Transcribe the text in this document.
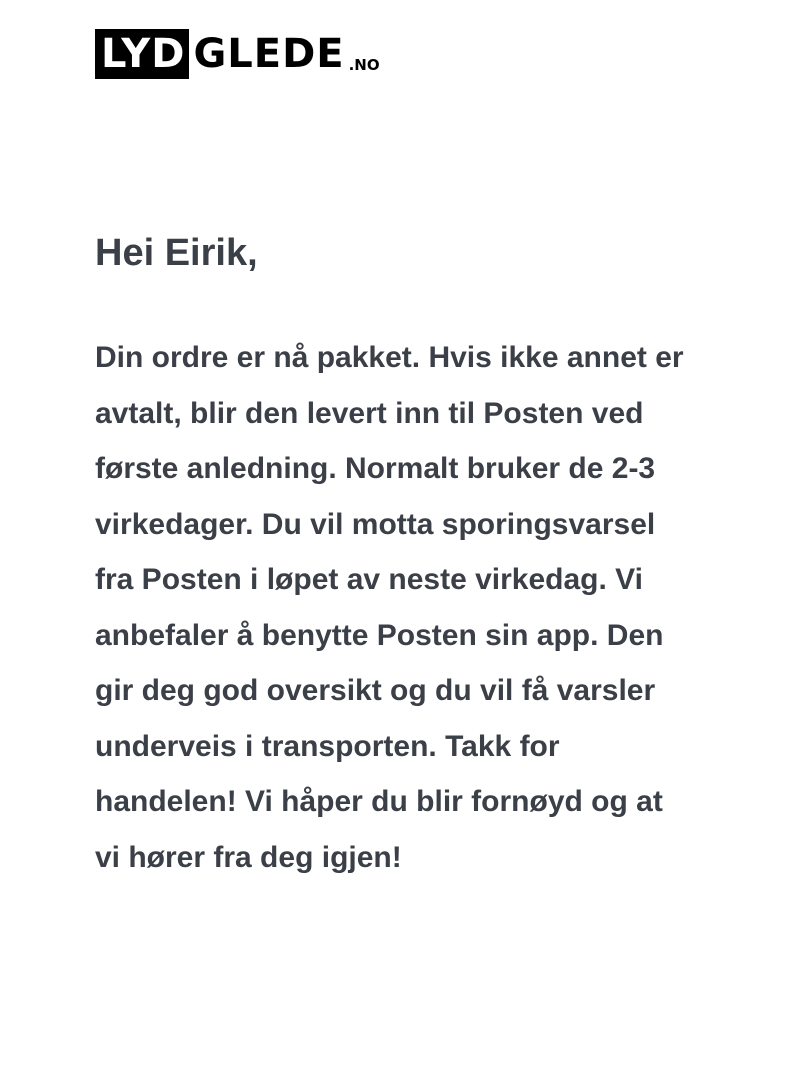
LYD GLEDE .NO
Hei Eirik,

Din ordre er nå pakket. Hvis ikke annet er avtalt, blir den levert inn til Posten ved første anledning. Normalt bruker de 2-3 virkedager. Du vil motta sporingsvarsel fra Posten i løpet av neste virkedag. Vi anbefaler å benytte Posten sin app. Den gir deg god oversikt og du vil få varsler underveis i transporten. Takk for handelen! Vi håper du blir fornøyd og at vi hører fra deg igjen!
